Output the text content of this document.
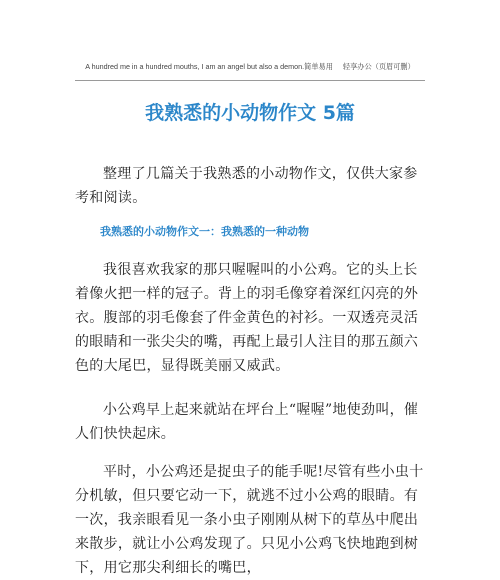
A hundred me in a hundred mouths, I am an angel but also a demon.简单易用 轻享办公（页眉可删）
我熟悉的小动物作文 5篇

整理了几篇关于我熟悉的小动物作文，仅供大家参考和阅读。

我熟悉的小动物作文一：我熟悉的一种动物

我很喜欢我家的那只喔喔叫的小公鸡。它的头上长着像火把一样的冠子。背上的羽毛像穿着深红闪亮的外衣。腹部的羽毛像套了件金黄色的衬衫。一双透亮灵活的眼睛和一张尖尖的嘴，再配上最引人注目的那五颜六色的大尾巴，显得既美丽又威武。

小公鸡早上起来就站在坪台上“喔喔”地使劲叫，催人们快快起床。

平时，小公鸡还是捉虫子的能手呢!尽管有些小虫十分机敏，但只要它动一下，就逃不过小公鸡的眼睛。有一次，我亲眼看见一条小虫子刚刚从树下的草丛中爬出来散步，就让小公鸡发现了。只见小公鸡飞快地跑到树下，用它那尖利细长的嘴巴，
